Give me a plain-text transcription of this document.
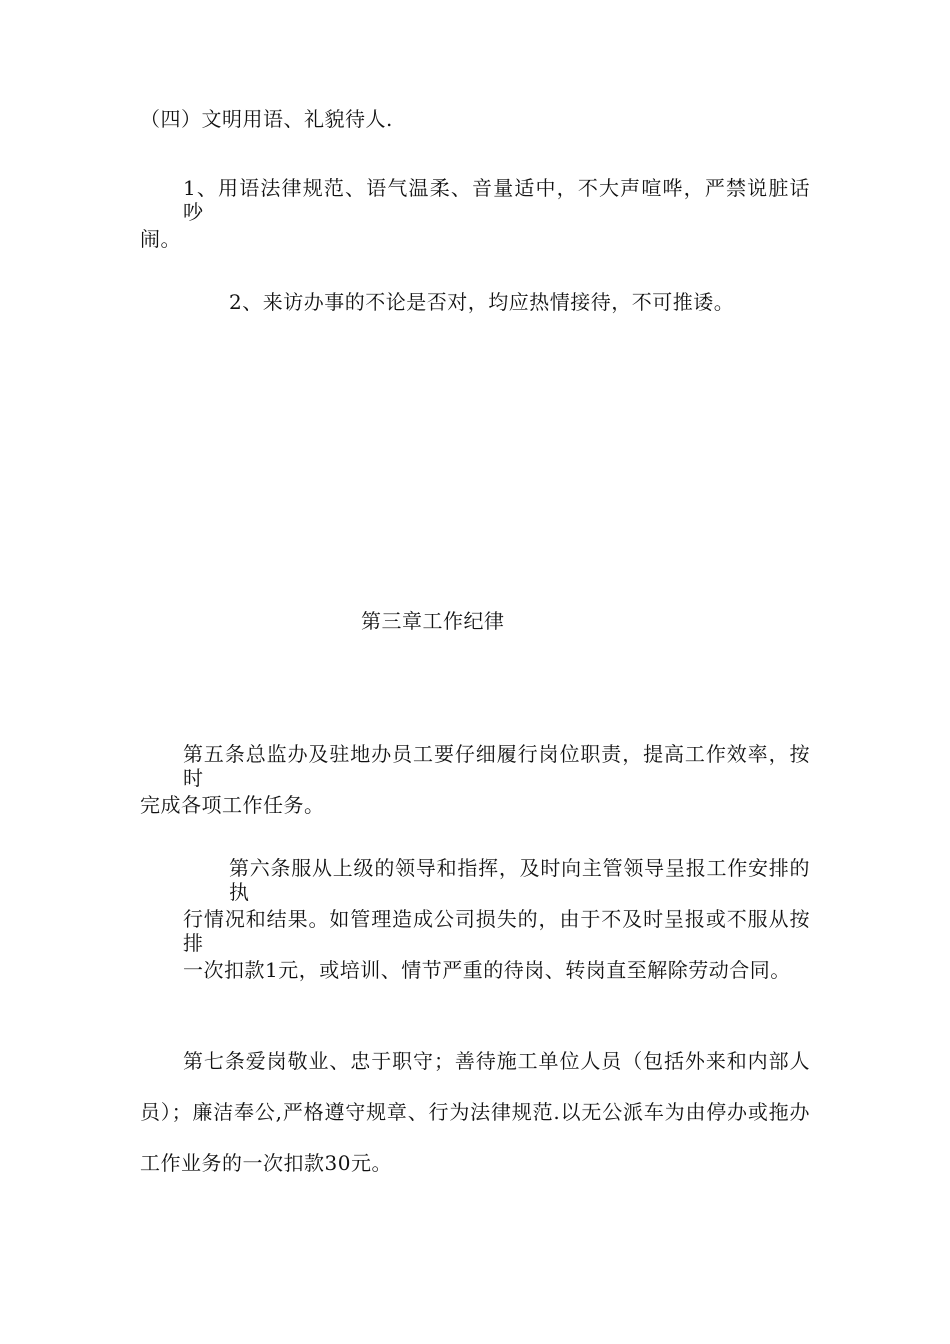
（四）文明用语、礼貌待人.
1、用语法律规范、语气温柔、音量适中，不大声喧哗，严禁说脏话吵
闹。
2、来访办事的不论是否对，均应热情接待，不可推诿。
第三章工作纪律
第五条总监办及驻地办员工要仔细履行岗位职责，提高工作效率，按时
完成各项工作任务。
第六条服从上级的领导和指挥，及时向主管领导呈报工作安排的执
行情况和结果。如管理造成公司损失的，由于不及时呈报或不服从按排
一次扣款1元，或培训、情节严重的待岗、转岗直至解除劳动合同。
第七条爱岗敬业、忠于职守；善待施工单位人员（包括外来和内部人
员）；廉洁奉公,严格遵守规章、行为法律规范.以无公派车为由停办或拖办
工作业务的一次扣款30元。
